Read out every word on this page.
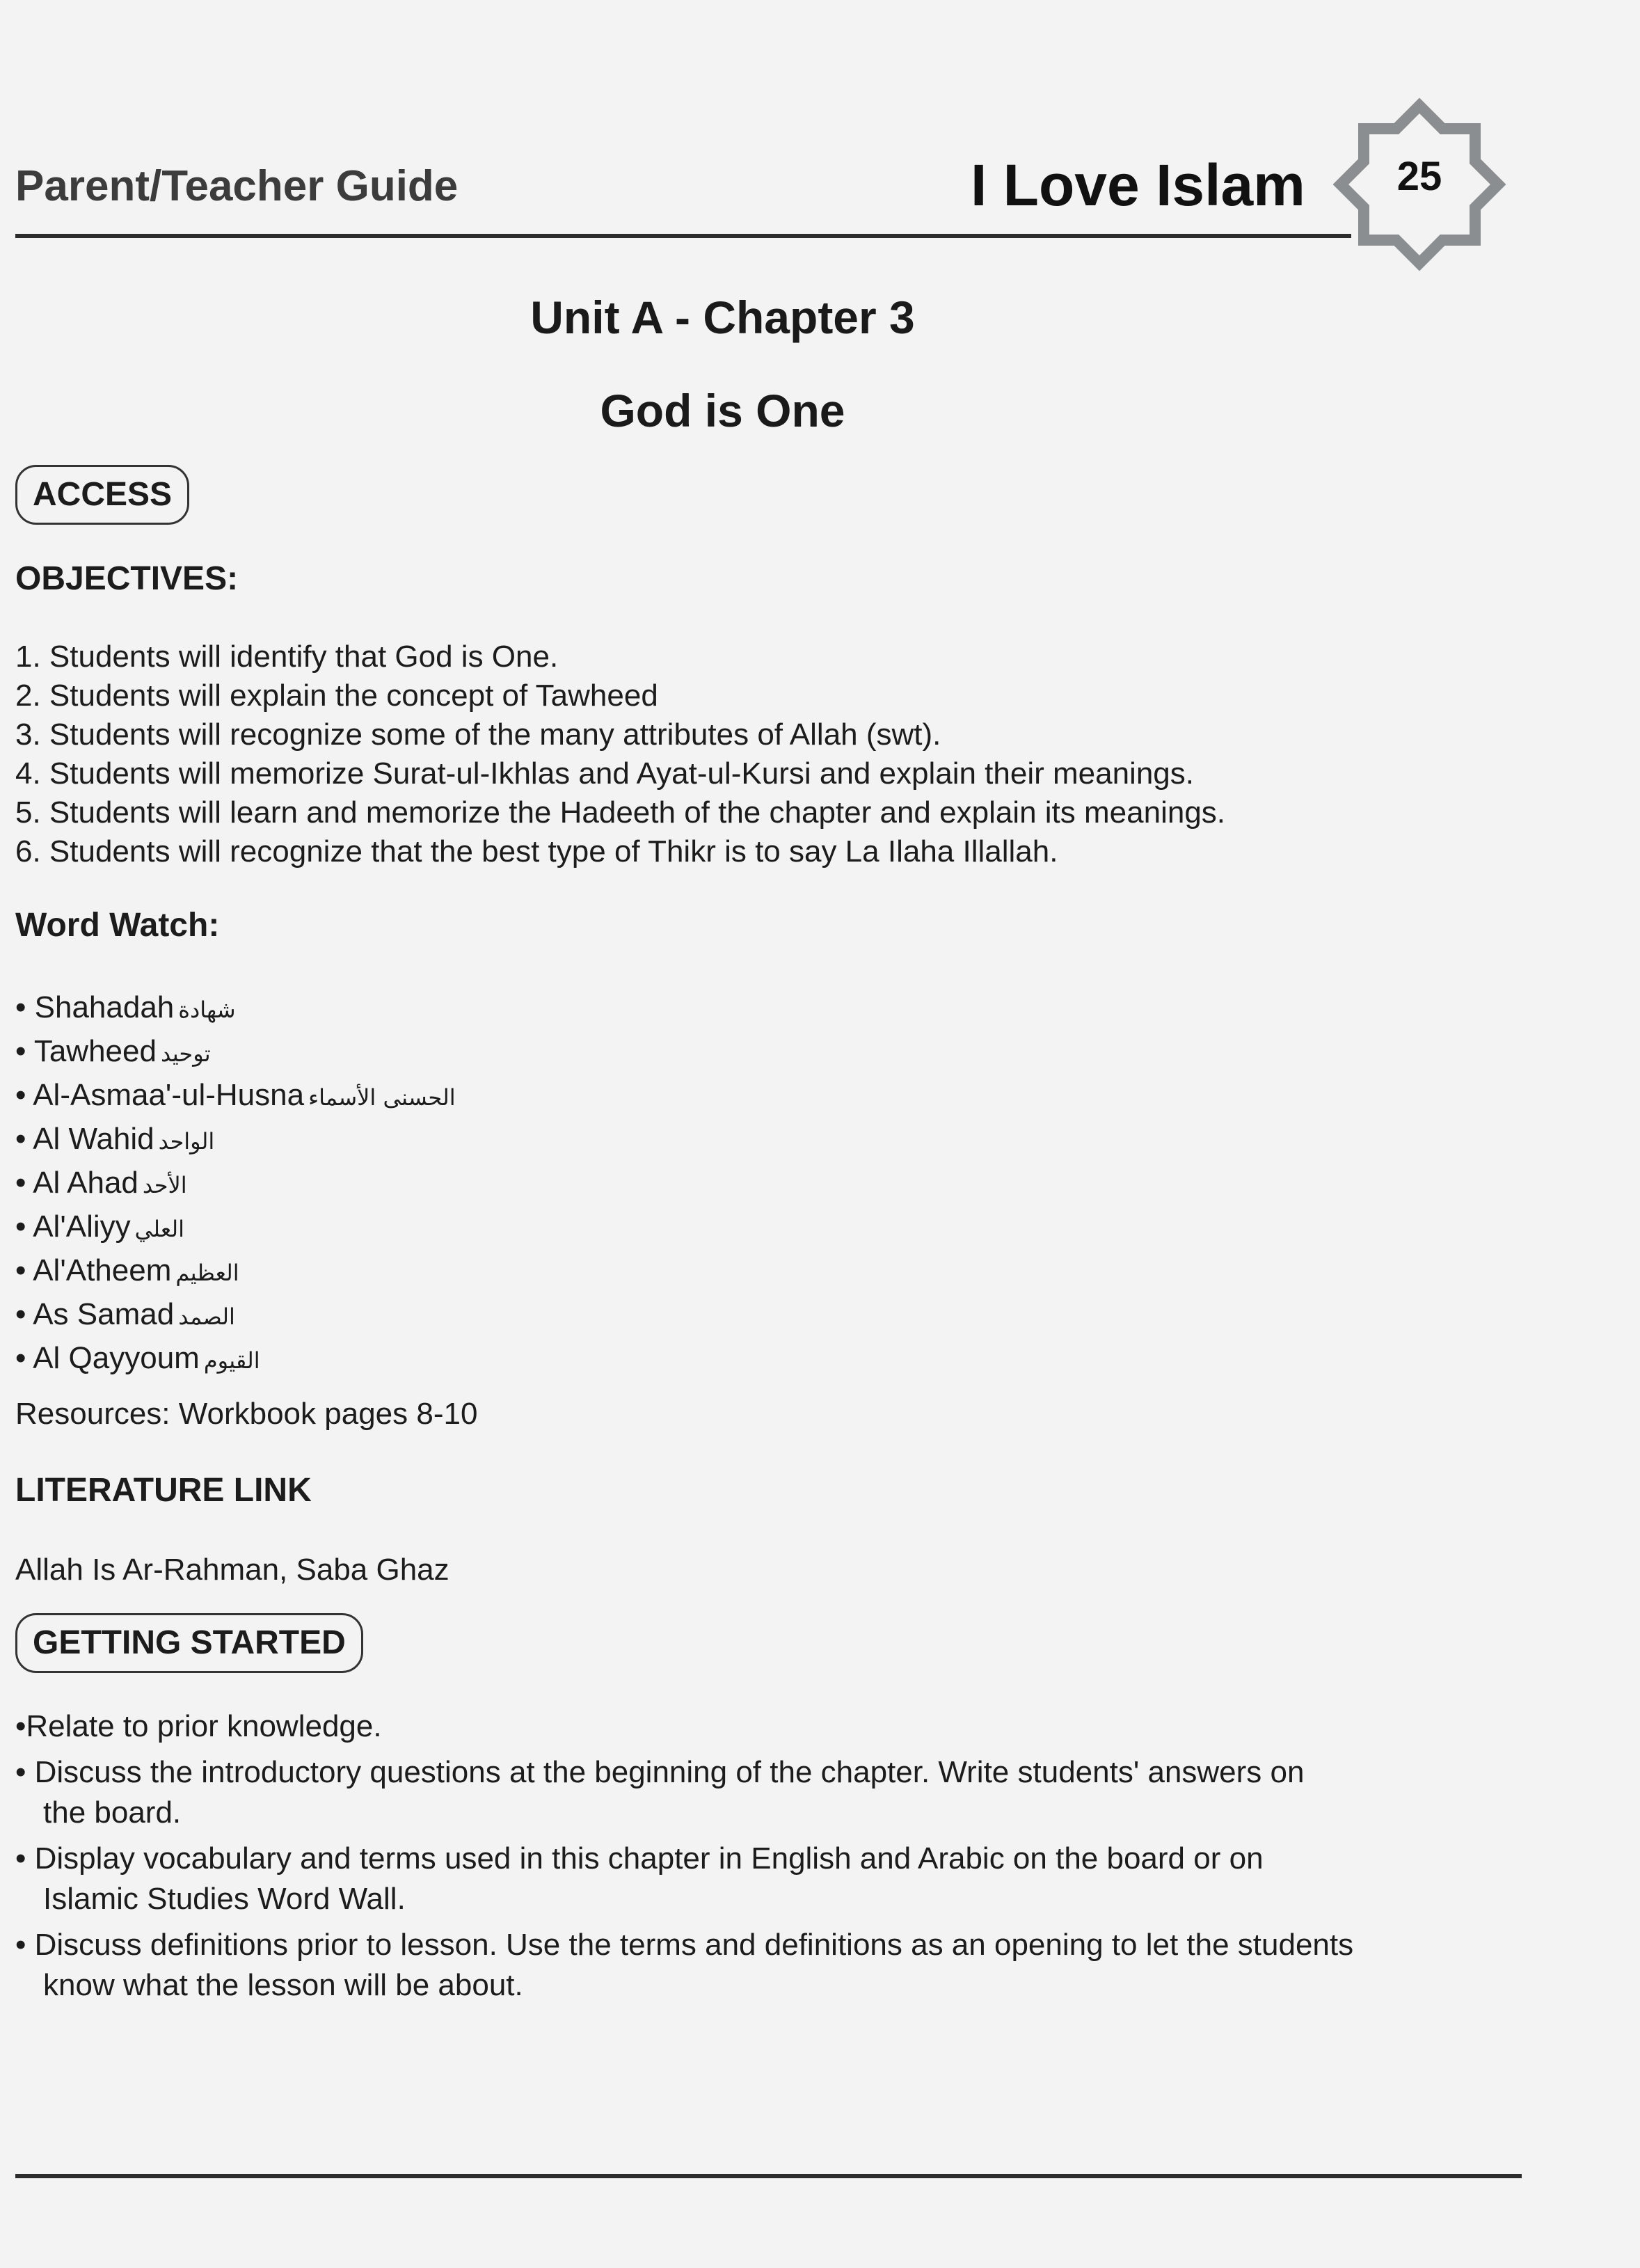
Parent/Teacher Guide	I Love Islam	25
Unit A - Chapter 3
God is One
ACCESS
OBJECTIVES:
1. Students will identify that God is One.
2. Students will explain the concept of Tawheed
3. Students will recognize some of the many attributes of Allah (swt).
4. Students will memorize Surat-ul-Ikhlas and Ayat-ul-Kursi and explain their meanings.
5. Students will learn and memorize the Hadeeth of the chapter and explain its meanings.
6. Students will recognize that the best type of Thikr is to say La Ilaha Illallah.
Word Watch:
• Shahadah شهادة
• Tawheed توحيد
• Al-Asmaa'-ul-Husna الحسنى الأسماء
• Al Wahid الواحد
• Al Ahad الأحد
• Al'Aliyy العلي
• Al'Atheem العظيم
• As Samad الصمد
• Al Qayyoum القيوم
Resources: Workbook pages 8-10
LITERATURE LINK
Allah Is Ar-Rahman, Saba Ghaz
GETTING STARTED
•Relate to prior knowledge.
• Discuss the introductory questions at the beginning of the chapter. Write students' answers on
the board.
• Display vocabulary and terms used in this chapter in English and Arabic on the board or on
Islamic Studies Word Wall.
• Discuss definitions prior to lesson. Use the terms and definitions as an opening to let the students
know what the lesson will be about.
